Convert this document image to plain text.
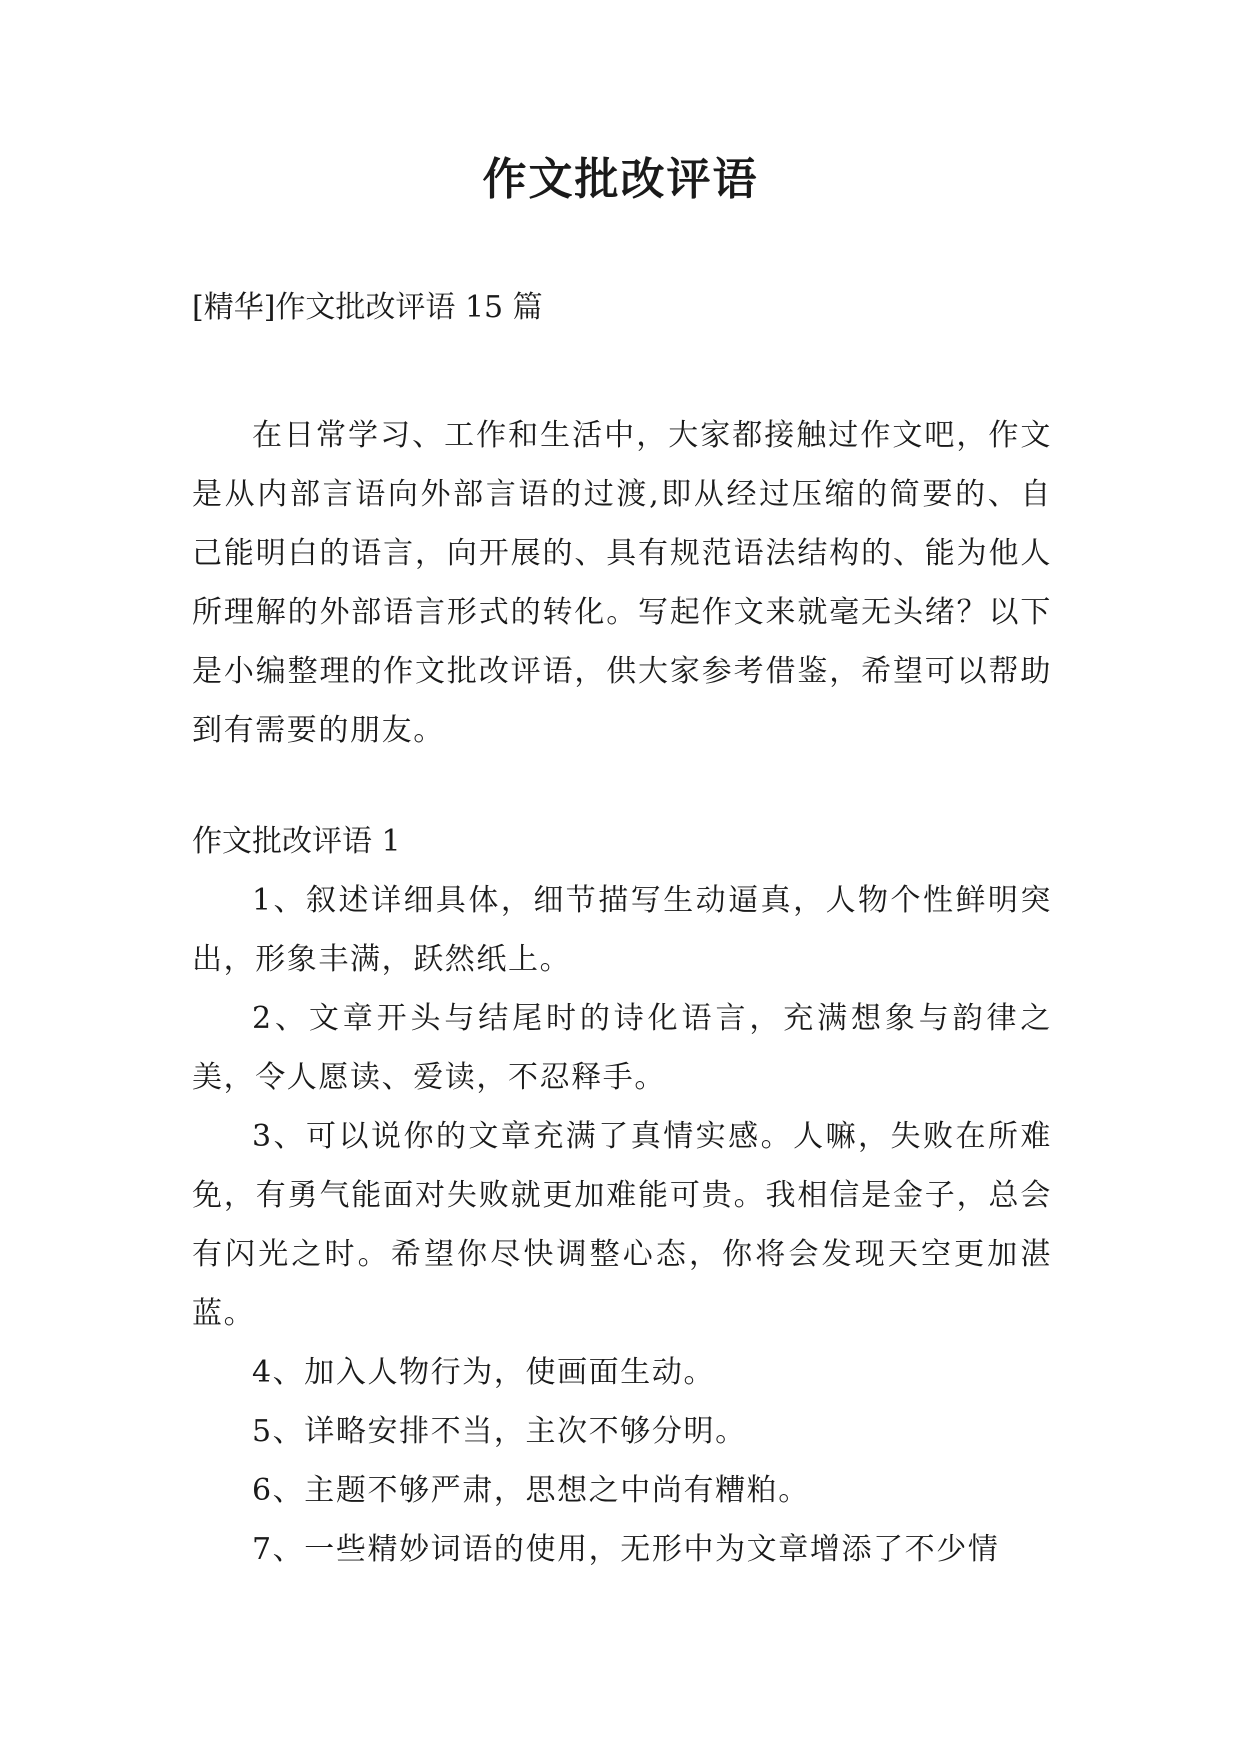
作文批改评语

[精华]作文批改评语 15 篇

在日常学习、工作和生活中，大家都接触过作文吧，作文是从内部言语向外部言语的过渡,即从经过压缩的简要的、自己能明白的语言，向开展的、具有规范语法结构的、能为他人所理解的外部语言形式的转化。写起作文来就毫无头绪？以下是小编整理的作文批改评语，供大家参考借鉴，希望可以帮助到有需要的朋友。

作文批改评语 1

1、叙述详细具体，细节描写生动逼真，人物个性鲜明突出，形象丰满，跃然纸上。

2、文章开头与结尾时的诗化语言，充满想象与韵律之美，令人愿读、爱读，不忍释手。

3、可以说你的文章充满了真情实感。人嘛，失败在所难免，有勇气能面对失败就更加难能可贵。我相信是金子，总会有闪光之时。希望你尽快调整心态，你将会发现天空更加湛蓝。

4、加入人物行为，使画面生动。

5、详略安排不当，主次不够分明。

6、主题不够严肃，思想之中尚有糟粕。

7、一些精妙词语的使用，无形中为文章增添了不少情
